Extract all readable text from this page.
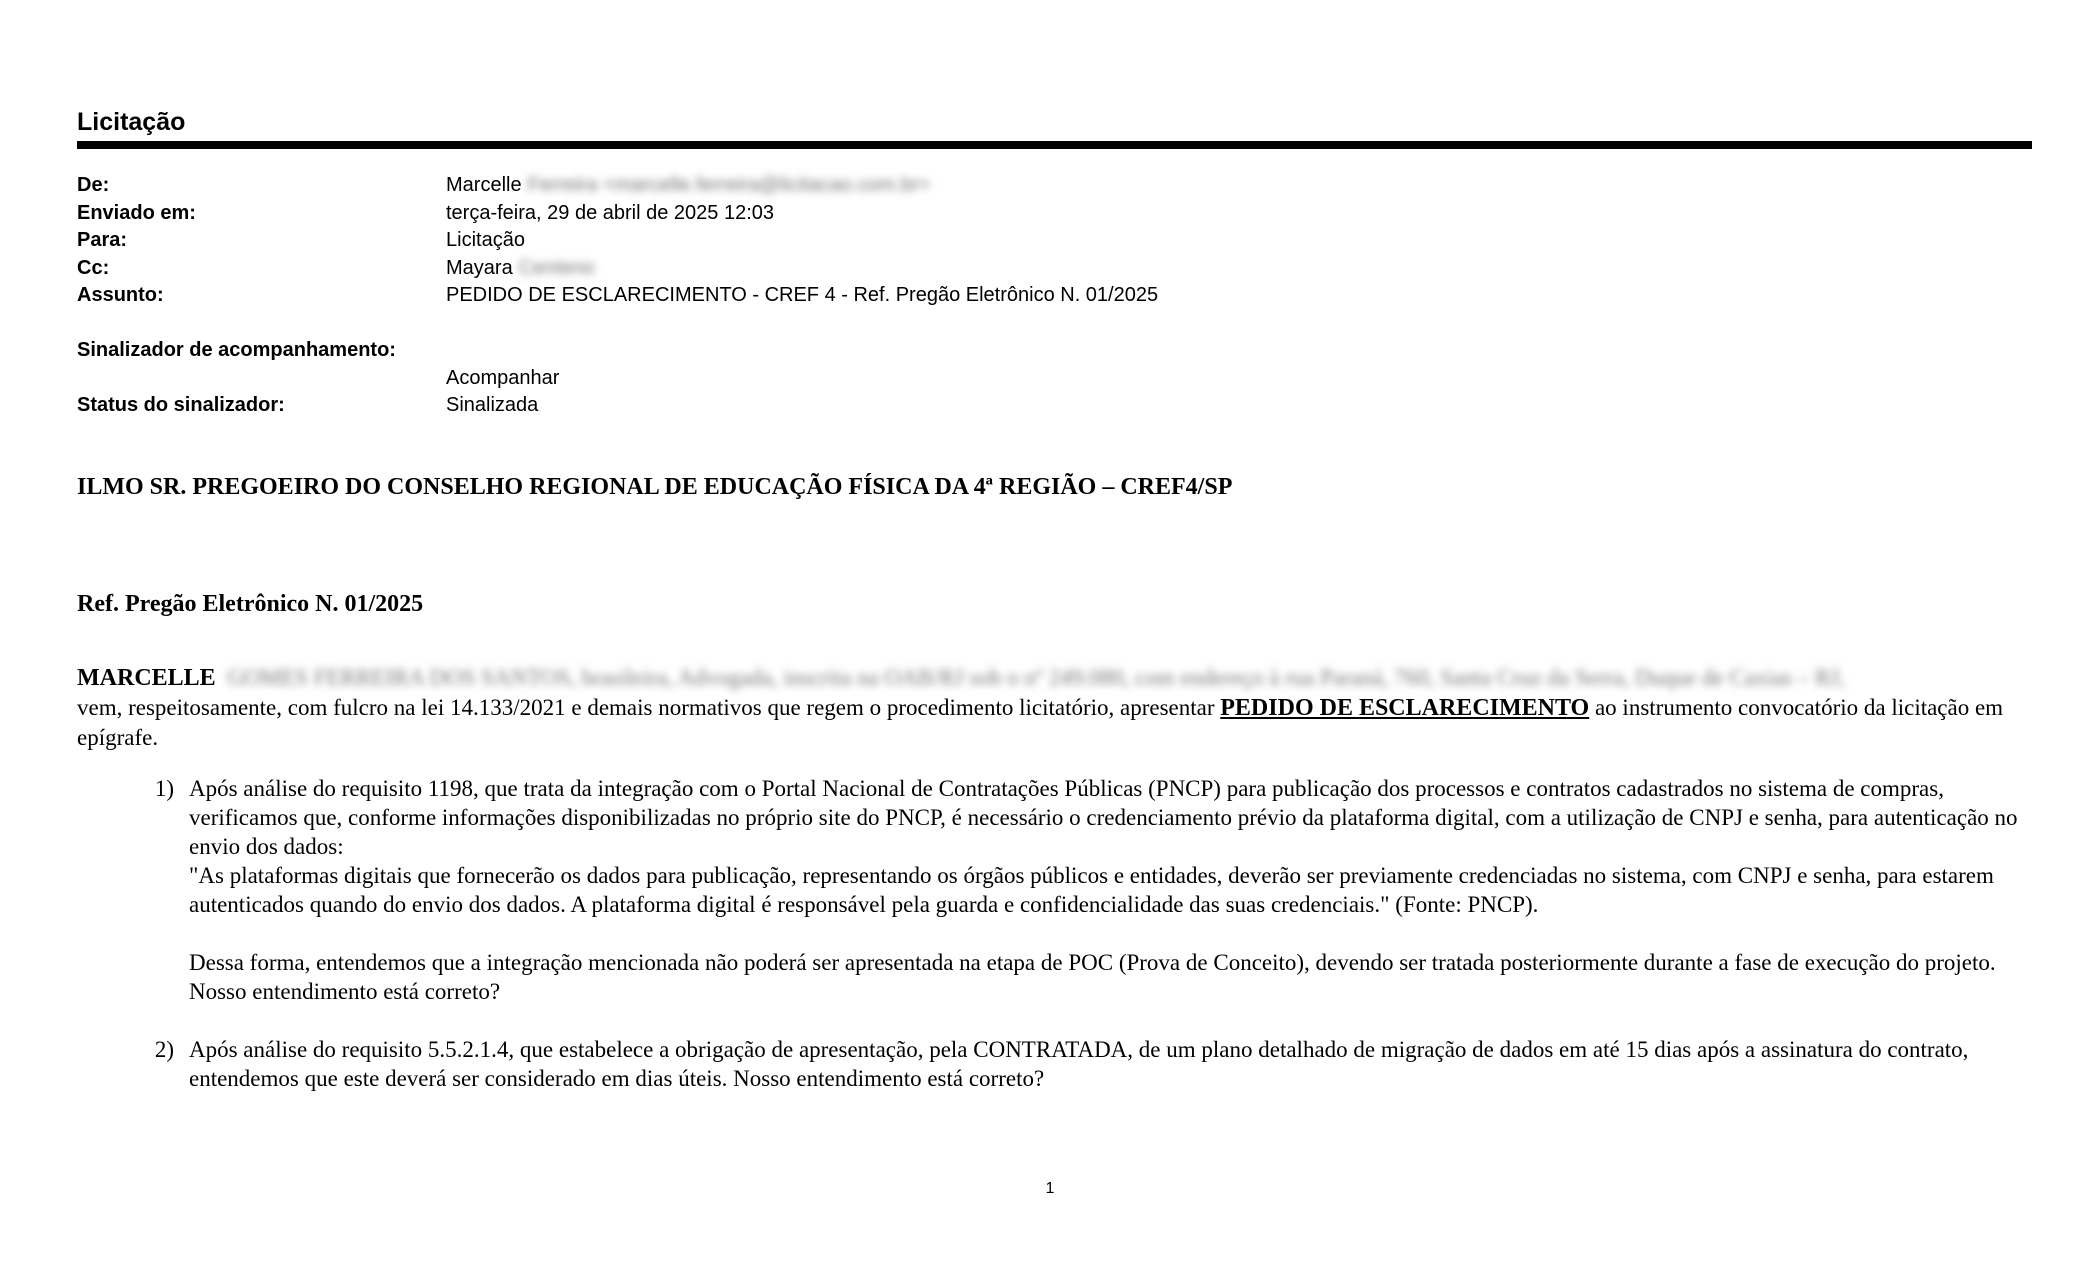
Licitação
De:	Marcelle Ferreira <marcelle.ferreira@licitacao.com.br>
Enviado em:	terça-feira, 29 de abril de 2025 12:03
Para:	Licitação
Cc:	Mayara Centeno
Assunto:	PEDIDO DE ESCLARECIMENTO - CREF 4 - Ref. Pregão Eletrônico N. 01/2025
Sinalizador de acompanhamento:
Acompanhar
Status do sinalizador:	Sinalizada

ILMO SR. PREGOEIRO DO CONSELHO REGIONAL DE EDUCAÇÃO FÍSICA DA 4ª REGIÃO – CREF4/SP

Ref. Pregão Eletrônico N. 01/2025

MARCELLE GOMES FERREIRA DOS SANTOS, brasileira, Advogada, inscrita na OAB/RJ sob o nº 249.080, com endereço à rua Paraná, 760, Santa Cruz da Serra, Duque de Caxias – RJ,
vem, respeitosamente, com fulcro na lei 14.133/2021 e demais normativos que regem o procedimento licitatório, apresentar PEDIDO DE ESCLARECIMENTO ao instrumento convocatório da licitação em epígrafe.

1) Após análise do requisito 1198, que trata da integração com o Portal Nacional de Contratações Públicas (PNCP) para publicação dos processos e contratos cadastrados no sistema de compras, verificamos que, conforme informações disponibilizadas no próprio site do PNCP, é necessário o credenciamento prévio da plataforma digital, com a utilização de CNPJ e senha, para autenticação no envio dos dados:

"As plataformas digitais que fornecerão os dados para publicação, representando os órgãos públicos e entidades, deverão ser previamente credenciadas no sistema, com CNPJ e senha, para estarem autenticados quando do envio dos dados. A plataforma digital é responsável pela guarda e confidencialidade das suas credenciais." (Fonte: PNCP).

Dessa forma, entendemos que a integração mencionada não poderá ser apresentada na etapa de POC (Prova de Conceito), devendo ser tratada posteriormente durante a fase de execução do projeto. Nosso entendimento está correto?

2) Após análise do requisito 5.5.2.1.4, que estabelece a obrigação de apresentação, pela CONTRATADA, de um plano detalhado de migração de dados em até 15 dias após a assinatura do contrato, entendemos que este deverá ser considerado em dias úteis. Nosso entendimento está correto?

1
